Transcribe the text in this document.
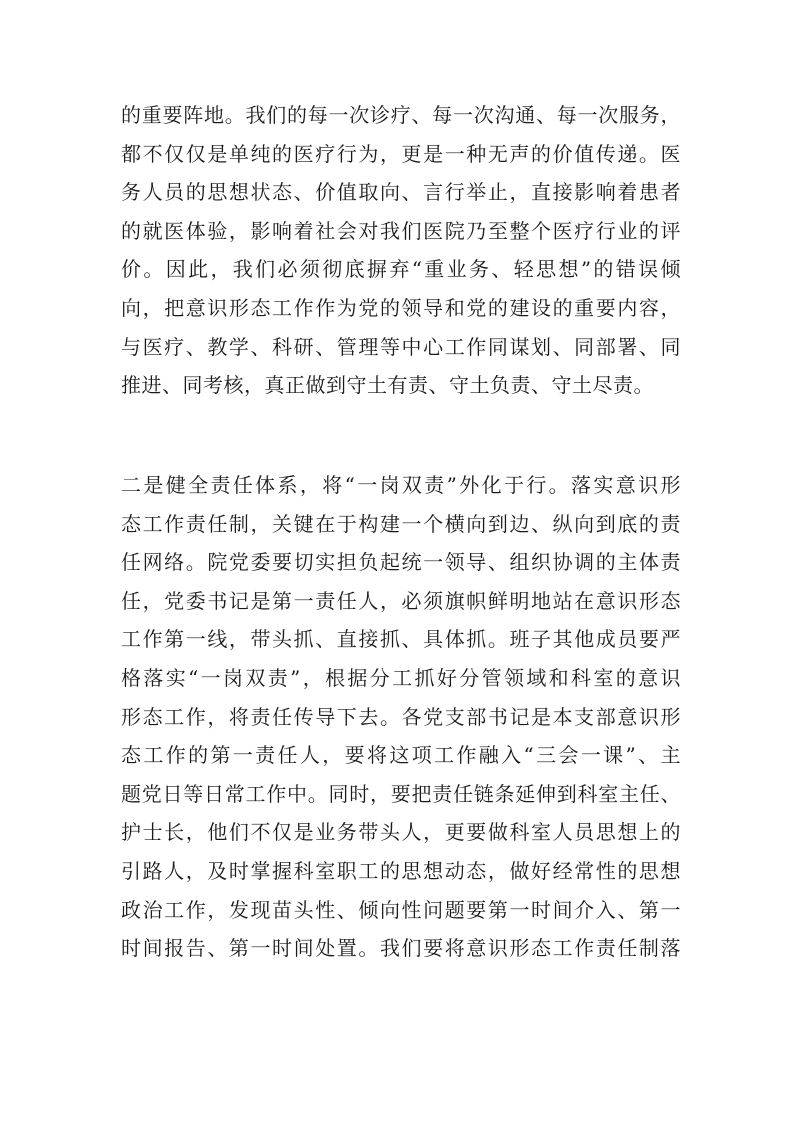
的重要阵地。我们的每一次诊疗、每一次沟通、每一次服务，
都不仅仅是单纯的医疗行为，更是一种无声的价值传递。医
务人员的思想状态、价值取向、言行举止，直接影响着患者
的就医体验，影响着社会对我们医院乃至整个医疗行业的评
价。因此，我们必须彻底摒弃“重业务、轻思想”的错误倾
向，把意识形态工作作为党的领导和党的建设的重要内容，
与医疗、教学、科研、管理等中心工作同谋划、同部署、同
推进、同考核，真正做到守土有责、守土负责、守土尽责。
二是健全责任体系，将“一岗双责”外化于行。落实意识形
态工作责任制，关键在于构建一个横向到边、纵向到底的责
任网络。院党委要切实担负起统一领导、组织协调的主体责
任，党委书记是第一责任人，必须旗帜鲜明地站在意识形态
工作第一线，带头抓、直接抓、具体抓。班子其他成员要严
格落实“一岗双责”，根据分工抓好分管领域和科室的意识
形态工作，将责任传导下去。各党支部书记是本支部意识形
态工作的第一责任人，要将这项工作融入“三会一课”、主
题党日等日常工作中。同时，要把责任链条延伸到科室主任、
护士长，他们不仅是业务带头人，更要做科室人员思想上的
引路人，及时掌握科室职工的思想动态，做好经常性的思想
政治工作，发现苗头性、倾向性问题要第一时间介入、第一
时间报告、第一时间处置。我们要将意识形态工作责任制落
